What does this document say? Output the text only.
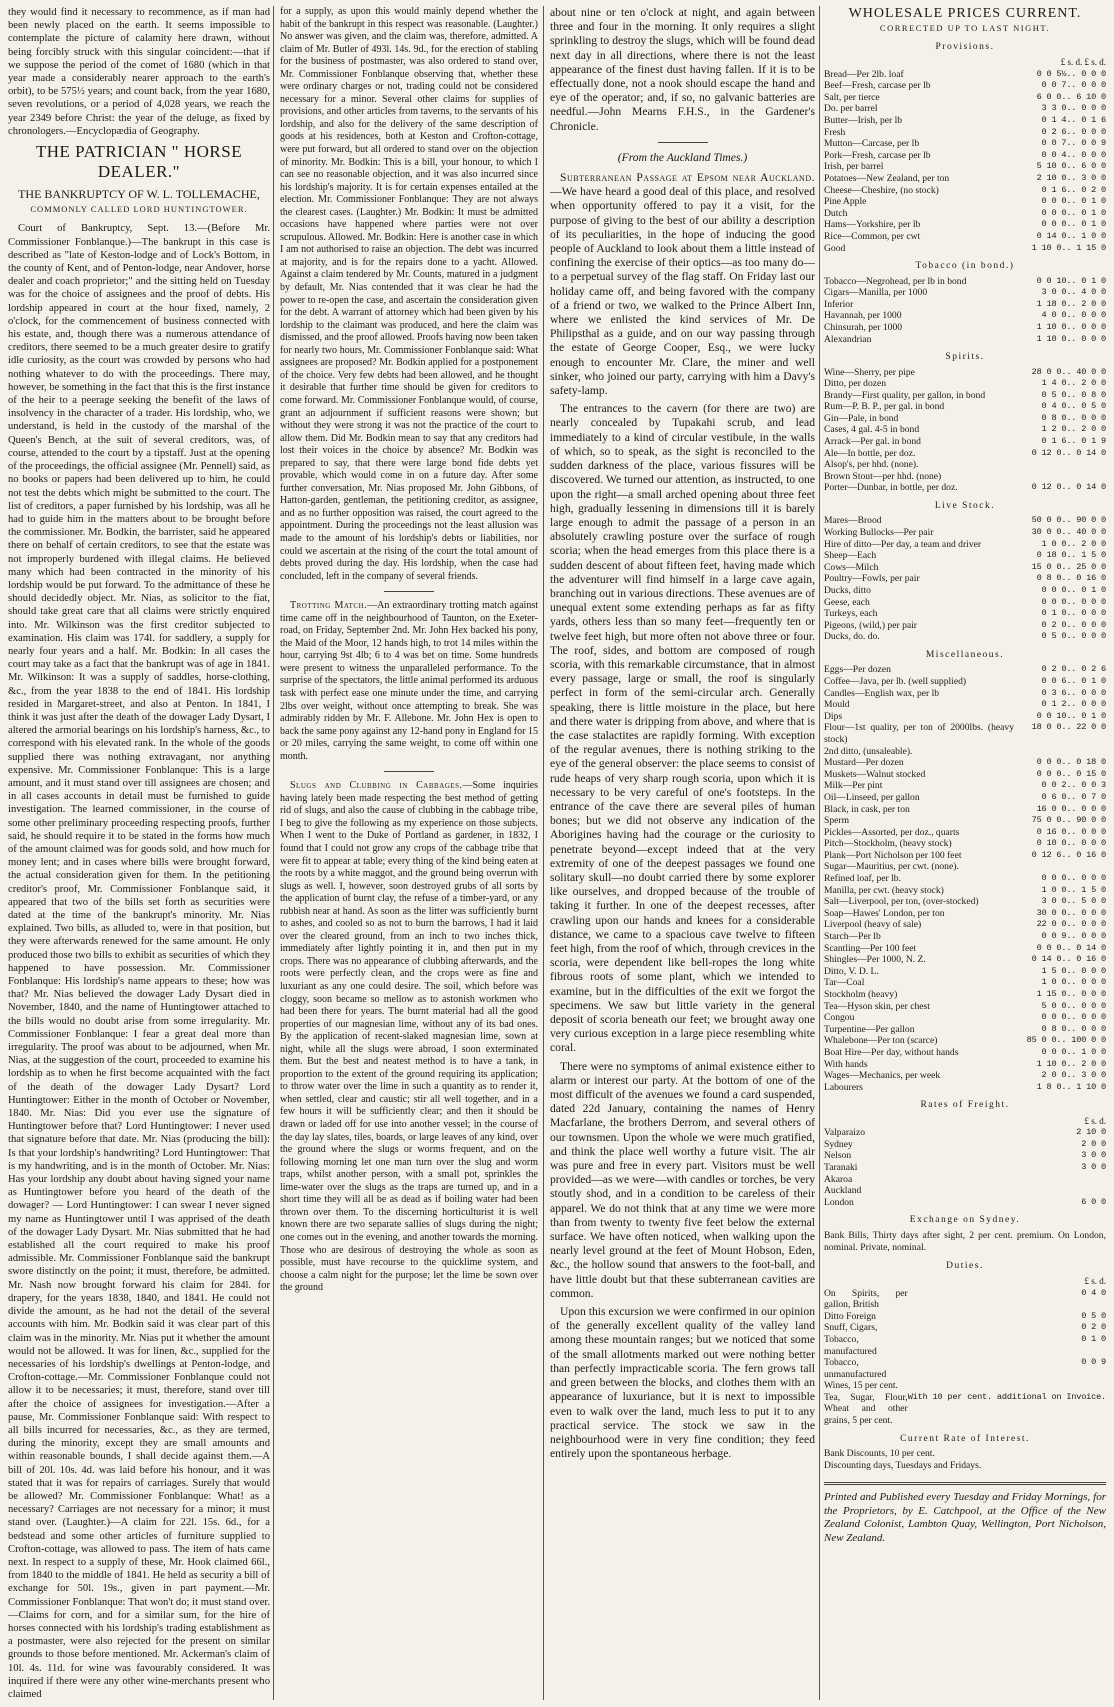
they would find it necessary to recommence, as if man had been newly placed on the earth. It seems impossible to contemplate the picture of calamity here drawn, without being forcibly struck with this singular coincident:—that if we suppose the period of the comet of 1680 (which in that year made a considerably nearer approach to the earth's orbit), to be 575½ years; and count back, from the year 1680, seven revolutions, or a period of 4,028 years, we reach the year 2349 before Christ: the year of the deluge, as fixed by chronologers.—Encyclopædia of Geography.

THE PATRICIAN " HORSE DEALER."
THE BANKRUPTCY OF W. L. TOLLEMACHE,
COMMONLY CALLED LORD HUNTINGTOWER.

Court of Bankruptcy, Sept. 13.—(Before Mr. Commissioner Fonblanque.)—The bankrupt in this case is described as "late of Keston-lodge and of Lock's Bottom, in the county of Kent, and of Penton-lodge, near Andover, horse dealer and coach proprietor;" and the sitting held on Tuesday was for the choice of assignees and the proof of debts. His lordship appeared in court at the hour fixed, namely, 2 o'clock, for the commencement of business connected with his estate, and, though there was a numerous attendance of creditors, there seemed to be a much greater desire to gratify idle curiosity, as the court was crowded by persons who had nothing whatever to do with the proceedings. There may, however, be something in the fact that this is the first instance of the heir to a peerage seeking the benefit of the laws of insolvency in the character of a trader. His lordship, who, we understand, is held in the custody of the marshal of the Queen's Bench, at the suit of several creditors, was, of course, attended to the court by a tipstaff. Just at the opening of the proceedings, the official assignee (Mr. Pennell) said, as no books or papers had been delivered up to him, he could not test the debts which might be submitted to the court. The list of creditors, a paper furnished by his lordship, was all he had to guide him in the matters about to be brought before the commissioner. Mr. Bodkin, the barrister, said he appeared there on behalf of certain creditors, to see that the estate was not improperly burdened with illegal claims. He believed many which had been contracted in the minority of his lordship would be put forward. To the admittance of these he should decidedly object. Mr. Nias, as solicitor to the fiat, should take great care that all claims were strictly enquired into. Mr. Wilkinson was the first creditor subjected to examination. His claim was 174l. for saddlery, a supply for nearly four years and a half. Mr. Bodkin: In all cases the court may take as a fact that the bankrupt was of age in 1841. Mr. Wilkinson: It was a supply of saddles, horse-clothing, &c., from the year 1838 to the end of 1841. His lordship resided in Margaret-street, and also at Penton. In 1841, I think it was just after the death of the dowager Lady Dysart, I altered the armorial bearings on his lordship's harness, &c., to correspond with his elevated rank. In the whole of the goods supplied there was nothing extravagant, nor anything expensive. Mr. Commissioner Fonblanque: This is a large amount, and it must stand over till assignees are chosen; and in all cases accounts in detail must be furnished to guide investigation. The learned commissioner, in the course of some other preliminary proceeding respecting proofs, further said, he should require it to be stated in the forms how much of the amount claimed was for goods sold, and how much for money lent; and in cases where bills were brought forward, the actual consideration given for them. In the petitioning creditor's proof, Mr. Commissioner Fonblanque said, it appeared that two of the bills set forth as securities were dated at the time of the bankrupt's minority. Mr. Nias explained. Two bills, as alluded to, were in that position, but they were afterwards renewed for the same amount. He only produced those two bills to exhibit as securities of which they happened to have possession. Mr. Commissioner Fonblanque: His lordship's name appears to these; how was that? Mr. Nias believed the dowager Lady Dysart died in November, 1840, and the name of Huntingtower attached to the bills would no doubt arise from some irregularity. Mr. Commissioner Fonblanque: I fear a great deal more than irregularity. The proof was about to be adjourned, when Mr. Nias, at the suggestion of the court, proceeded to examine his lordship as to when he first become acquainted with the fact of the death of the dowager Lady Dysart? Lord Huntingtower: Either in the month of October or November, 1840. Mr. Nias: Did you ever use the signature of Huntingtower before that? Lord Huntingtower: I never used that signature before that date. Mr. Nias (producing the bill): Is that your lordship's handwriting? Lord Huntingtower: That is my handwriting, and is in the month of October. Mr. Nias: Has your lordship any doubt about having signed your name as Huntingtower before you heard of the death of the dowager? — Lord Huntingtower: I can swear I never signed my name as Huntingtower until I was apprised of the death of the dowager Lady Dysart. Mr. Nias submitted that he had established all the court required to make his proof admissible. Mr. Commissioner Fonblanque said the bankrupt swore distinctly on the point; it must, therefore, be admitted. Mr. Nash now brought forward his claim for 284l. for drapery, for the years 1838, 1840, and 1841. He could not divide the amount, as he had not the detail of the several accounts with him. Mr. Bodkin said it was clear part of this claim was in the minority. Mr. Nias put it whether the amount would not be allowed. It was for linen, &c., supplied for the necessaries of his lordship's dwellings at Penton-lodge, and Crofton-cottage.—Mr. Commissioner Fonblanque could not allow it to be necessaries; it must, therefore, stand over till after the choice of assignees for investigation.—After a pause, Mr. Commissioner Fonblanque said: With respect to all bills incurred for necessaries, &c., as they are termed, during the minority, except they are small amounts and within reasonable bounds, I shall decide against them.—A bill of 20l. 10s. 4d. was laid before his honour, and it was stated that it was for repairs of carriages. Surely that would be allowed? Mr. Commissioner Fonblanque: What! as a necessary? Carriages are not necessary for a minor; it must stand over. (Laughter.)—A claim for 22l. 15s. 6d., for a bedstead and some other articles of furniture supplied to Crofton-cottage, was allowed to pass. The item of hats came next. In respect to a supply of these, Mr. Hook claimed 66l., from 1840 to the middle of 1841. He held as security a bill of exchange for 50l. 19s., given in part payment.—Mr. Commissioner Fonblanque: That won't do; it must stand over.—Claims for corn, and for a similar sum, for the hire of horses connected with his lordship's trading establishment as a postmaster, were also rejected for the present on similar grounds to those before mentioned. Mr. Ackerman's claim of 10l. 4s. 11d. for wine was favourably considered. It was inquired if there were any other wine-merchants present who claimed

for a supply, as upon this would mainly depend whether the habit of the bankrupt in this respect was reasonable. (Laughter.) No answer was given, and the claim was, therefore, admitted. A claim of Mr. Butler of 493l. 14s. 9d., for the erection of stabling for the business of postmaster, was also ordered to stand over, Mr. Commissioner Fonblanque observing that, whether these were ordinary charges or not, trading could not be considered necessary for a minor. Several other claims for supplies of provisions, and other articles from taverns, to the servants of his lordship, and also for the delivery of the same description of goods at his residences, both at Keston and Crofton-cottage, were put forward, but all ordered to stand over on the objection of minority. Mr. Bodkin: This is a bill, your honour, to which I can see no reasonable objection, and it was also incurred since his lordship's majority. It is for certain expenses entailed at the election. Mr. Commissioner Fonblanque: They are not always the clearest cases. (Laughter.) Mr. Bodkin: It must be admitted occasions have happened where parties were not over scrupulous. Allowed. Mr. Bodkin: Here is another case in which I am not authorised to raise an objection. The debt was incurred at majority, and is for the repairs done to a yacht. Allowed. Against a claim tendered by Mr. Counts, matured in a judgment by default, Mr. Nias contended that it was clear he had the power to re-open the case, and ascertain the consideration given for the debt. A warrant of attorney which had been given by his lordship to the claimant was produced, and here the claim was dismissed, and the proof allowed. Proofs having now been taken for nearly two hours, Mr. Commissioner Fonblanque said: What assignees are proposed? Mr. Bodkin applied for a postponement of the choice. Very few debts had been allowed, and he thought it desirable that further time should be given for creditors to come forward. Mr. Commissioner Fonblanque would, of course, grant an adjournment if sufficient reasons were shown; but without they were strong it was not the practice of the court to allow them. Did Mr. Bodkin mean to say that any creditors had lost their voices in the choice by absence? Mr. Bodkin was prepared to say, that there were large bond fide debts yet provable, which would come in on a future day. After some further conversation, Mr. Nias proposed Mr. John Gibbons, of Hatton-garden, gentleman, the petitioning creditor, as assignee, and as no further opposition was raised, the court agreed to the appointment. During the proceedings not the least allusion was made to the amount of his lordship's debts or liabilities, nor could we ascertain at the rising of the court the total amount of debts proved during the day. His lordship, when the case had concluded, left in the company of several friends.

Trotting Match.—An extraordinary trotting match against time came off in the neighbourhood of Taunton, on the Exeter-road, on Friday, September 2nd. Mr. John Hex backed his pony, the Maid of the Moor, 12 hands high, to trot 14 miles within the hour, carrying 9st 4lb; 6 to 4 was bet on time. Some hundreds were present to witness the unparalleled performance. To the surprise of the spectators, the little animal performed its arduous task with perfect ease one minute under the time, and carrying 2lbs over weight, without once attempting to break. She was admirably ridden by Mr. F. Allebone. Mr. John Hex is open to back the same pony against any 12-hand pony in England for 15 or 20 miles, carrying the same weight, to come off within one month.

Slugs and Clubbing in Cabbages.—Some inquiries having lately been made respecting the best method of getting rid of slugs, and also the cause of clubbing in the cabbage tribe, I beg to give the following as my experience on those subjects. When I went to the Duke of Portland as gardener, in 1832, I found that I could not grow any crops of the cabbage tribe that were fit to appear at table; every thing of the kind being eaten at the roots by a white maggot, and the ground being overrun with slugs as well. I, however, soon destroyed grubs of all sorts by the application of burnt clay, the refuse of a timber-yard, or any rubbish near at hand. As soon as the litter was sufficiently burnt to ashes, and cooled so as not to burn the barrows, I had it laid over the cleared ground, from an inch to two inches thick, immediately after lightly pointing it in, and then put in my crops. There was no appearance of clubbing afterwards, and the roots were perfectly clean, and the crops were as fine and luxuriant as any one could desire. The soil, which before was cloggy, soon became so mellow as to astonish workmen who had been there for years. The burnt material had all the good properties of our magnesian lime, without any of its bad ones. By the application of recent-slaked magnesian lime, sown at night, while all the slugs were abroad, I soon exterminated them. But the best and neatest method is to have a tank, in proportion to the extent of the ground requiring its application; to throw water over the lime in such a quantity as to render it, when settled, clear and caustic; stir all well together, and in a few hours it will be sufficiently clear; and then it should be drawn or laded off for use into another vessel; in the course of the day lay slates, tiles, boards, or large leaves of any kind, over the ground where the slugs or worms frequent, and on the following morning let one man turn over the slug and worm traps, whilst another person, with a small pot, sprinkles the lime-water over the slugs as the traps are turned up, and in a short time they will all be as dead as if boiling water had been thrown over them. To the discerning horticulturist it is well known there are two separate sallies of slugs during the night; one comes out in the evening, and another towards the morning. Those who are desirous of destroying the whole as soon as possible, must have recourse to the quicklime system, and choose a calm night for the purpose; let the lime be sown over the ground

about nine or ten o'clock at night, and again between three and four in the morning. It only requires a slight sprinkling to destroy the slugs, which will be found dead next day in all directions, where there is not the least appearance of the finest dust having fallen. If it is to be effectually done, not a nook should escape the hand and eye of the operator; and, if so, no galvanic batteries are needful.—John Mearns F.H.S., in the Gardener's Chronicle.

(From the Auckland Times.)

Subterranean Passage at Epsom near Auckland.—We have heard a good deal of this place, and resolved when opportunity offered to pay it a visit, for the purpose of giving to the best of our ability a description of its peculiarities, in the hope of inducing the good people of Auckland to look about them a little instead of confining the exercise of their optics—as too many do—to a perpetual survey of the flag staff. On Friday last our holiday came off, and being favored with the company of a friend or two, we walked to the Prince Albert Inn, where we enlisted the kind services of Mr. De Philipsthal as a guide, and on our way passing through the estate of George Cooper, Esq., we were lucky enough to encounter Mr. Clare, the miner and well sinker, who joined our party, carrying with him a Davy's safety-lamp.

The entrances to the cavern (for there are two) are nearly concealed by Tupakahi scrub, and lead immediately to a kind of circular vestibule, in the walls of which, so to speak, as the sight is reconciled to the sudden darkness of the place, various fissures will be discovered. We turned our attention, as instructed, to one upon the right—a small arched opening about three feet high, gradually lessening in dimensions till it is barely large enough to admit the passage of a person in an absolutely crawling posture over the surface of rough scoria; when the head emerges from this place there is a sudden descent of about fifteen feet, having made which the adventurer will find himself in a large cave again, branching out in various directions. These avenues are of unequal extent some extending perhaps as far as fifty yards, others less than so many feet—frequently ten or twelve feet high, but more often not above three or four. The roof, sides, and bottom are composed of rough scoria, with this remarkable circumstance, that in almost every passage, large or small, the roof is singularly perfect in form of the semi-circular arch. Generally speaking, there is little moisture in the place, but here and there water is dripping from above, and where that is the case stalactites are rapidly forming. With exception of the regular avenues, there is nothing striking to the eye of the general observer: the place seems to consist of rude heaps of very sharp rough scoria, upon which it is necessary to be very careful of one's footsteps. In the entrance of the cave there are several piles of human bones; but we did not observe any indication of the Aborigines having had the courage or the curiosity to penetrate beyond—except indeed that at the very extremity of one of the deepest passages we found one solitary skull—no doubt carried there by some explorer like ourselves, and dropped because of the trouble of taking it further. In one of the deepest recesses, after crawling upon our hands and knees for a considerable distance, we came to a spacious cave twelve to fifteen feet high, from the roof of which, through crevices in the scoria, were dependent like bell-ropes the long white fibrous roots of some plant, which we intended to examine, but in the difficulties of the exit we forgot the specimens. We saw but little variety in the general deposit of scoria beneath our feet; we brought away one very curious exception in a large piece resembling white coral.

There were no symptoms of animal existence either to alarm or interest our party. At the bottom of one of the most difficult of the avenues we found a card suspended, dated 22d January, containing the names of Henry Macfarlane, the brothers Derrom, and several others of our townsmen. Upon the whole we were much gratified, and think the place well worthy a future visit. The air was pure and free in every part. Visitors must be well provided—as we were—with candles or torches, be very stoutly shod, and in a condition to be careless of their apparel. We do not think that at any time we were more than from twenty to twenty five feet below the external surface. We have often noticed, when walking upon the nearly level ground at the feet of Mount Hobson, Eden, &c., the hollow sound that answers to the foot-ball, and have little doubt but that these subterranean cavities are common.

Upon this excursion we were confirmed in our opinion of the generally excellent quality of the valley land among these mountain ranges; but we noticed that some of the small allotments marked out were nothing better than perfectly impracticable scoria. The fern grows tall and green between the blocks, and clothes them with an appearance of luxuriance, but it is next to impossible even to walk over the land, much less to put it to any practical service. The stock we saw in the neighbourhood were in very fine condition; they feed entirely upon the spontaneous herbage.

WHOLESALE PRICES CURRENT.
CORRECTED UP TO LAST NIGHT.
Provisions.
£ s. d. £ s. d.
Bread—Per 2lb. loaf	0 0 5½.. 0 0 0
Beef—Fresh, carcase per lb	0 0 7.. 0 0 0
Salt, per tierce	6 0 0.. 6 10 0
Do. per barrel	3 3 0.. 0 0 0
Butter—Irish, per lb	0 1 4.. 0 1 6
Fresh	0 2 6.. 0 0 0
Mutton—Carcase, per lb	0 0 7.. 0 0 9
Pork—Fresh, carcase per lb	0 0 4.. 0 0 0
Irish, per barrel	5 10 0.. 6 0 0
Potatoes—New Zealand, per ton	2 10 0.. 3 0 0
Cheese—Cheshire, (no stock)	0 1 6.. 0 2 0
Pine Apple	0 0 0.. 0 1 0
Dutch	0 0 0.. 0 1 0
Hams—Yorkshire, per lb	0 0 0.. 0 1 0
Rice—Common, per cwt	0 14 0.. 1 0 0
Good	1 10 0.. 1 15 0
Tobacco (in bond.)
Tobacco—Negrohead, per lb in bond	0 0 10.. 0 1 0
Cigars—Manilla, per 1000	3 0 0.. 4 0 0
Inferior	1 18 0.. 2 0 0
Havannah, per 1000	4 0 0.. 0 0 0
Chinsurah, per 1000	1 10 0.. 0 0 0
Alexandrian	1 10 0.. 0 0 0
Spirits.
Wine—Sherry, per pipe	28 0 0.. 40 0 0
Ditto, per dozen	1 4 0.. 2 0 0
Brandy—First quality, per gallon, in bond	0 5 0.. 0 8 0
Rum—P. B. P., per gal. in bond	0 4 0.. 0 5 0
Gin—Pale, in bond	0 8 0.. 0 0 0
Cases, 4 gal. 4-5 in bond	1 2 0.. 2 0 0
Arrack—Per gal. in bond	0 1 6.. 0 1 9
Ale—In bottle, per doz.	0 12 0.. 0 14 0
Alsop's, per hhd. (none).	
Brown Stout—per hhd. (none)	
Porter—Dunbar, in bottle, per doz.	0 12 0.. 0 14 0
Live Stock.
Mares—Brood	50 0 0.. 90 0 0
Working Bullocks—Per pair	30 0 0.. 40 0 0
Hire of ditto—Per day, a team and driver	1 0 0.. 2 0 0
Sheep—Each	0 18 0.. 1 5 0
Cows—Milch	15 0 0.. 25 0 0
Poultry—Fowls, per pair	0 8 0.. 0 16 0
Ducks, ditto	0 0 0.. 0 1 0
Geese, each	0 0 0.. 0 0 0
Turkeys, each	0 1 0.. 0 0 0
Pigeons, (wild,) per pair	0 2 0.. 0 0 0
Ducks, do. do.	0 5 0.. 0 0 0
Miscellaneous.
Eggs—Per dozen	0 2 0.. 0 2 6
Coffee—Java, per lb. (well supplied)	0 0 6.. 0 1 0
Candles—English wax, per lb	0 3 6.. 0 0 0
Mould	0 1 2.. 0 0 0
Dips	0 0 10.. 0 1 0
Flour—1st quality, per ton of 2000lbs. (heavy stock)	18 0 0.. 22 0 0
2nd ditto, (unsaleable).	
Mustard—Per dozen	0 0 0.. 0 18 0
Muskets—Walnut stocked	0 0 0.. 0 15 0
Milk—Per pint	0 0 2.. 0 0 3
Oil—Linseed, per gallon	0 6 0.. 0 7 0
Black, in cask, per ton	16 0 0.. 0 0 0
Sperm	75 0 0.. 90 0 0
Pickles—Assorted, per doz., quarts	0 16 0.. 0 0 0
Pitch—Stockholm, (heavy stock)	0 10 0.. 0 0 0
Plank—Port Nicholson per 100 feet	0 12 6.. 0 16 0
Sugar—Mauritius, per cwt. (none).	
Refined loaf, per lb.	0 0 0.. 0 0 0
Manilla, per cwt. (heavy stock)	1 0 0.. 1 5 0
Salt—Liverpool, per ton, (over-stocked)	3 0 0.. 5 0 0
Soap—Hawes' London, per ton	30 0 0.. 0 0 0
Liverpool (heavy of sale)	22 0 0.. 0 0 0
Starch—Per lb	0 0 9.. 0 0 0
Scantling—Per 100 feet	0 0 0.. 0 14 0
Shingles—Per 1000, N. Z.	0 14 0.. 0 16 0
Ditto, V. D. L.	1 5 0.. 0 0 0
Tar—Coal	1 0 0.. 0 0 0
Stockholm (heavy)	1 15 0.. 0 0 0
Tea—Hyson skin, per chest	5 0 0.. 0 0 0
Congou	0 0 0.. 0 0 0
Turpentine—Per gallon	0 8 0.. 0 0 0
Whalebone—Per ton (scarce)	85 0 0.. 100 0 0
Boat Hire—Per day, without hands	0 0 0.. 1 0 0
With hands	1 10 0.. 2 0 0
Wages—Mechanics, per week	2 0 0.. 3 0 0
Labourers	1 8 0.. 1 10 0
Rates of Freight.
£ s. d.
Valparaizo	2 10 0
Sydney	2 0 0
Nelson	3 0 0
Taranaki	3 0 0
Akaroa	
Auckland	
London	6 0 0
Exchange on Sydney.
Bank Bills, Thirty days after sight, 2 per cent. premium. On London, nominal. Private, nominal.
Duties.
£ s. d.
On Spirits, per gallon, British	0 4 0
Ditto Foreign	0 5 0
Snuff, Cigars,	0 2 0
Tobacco, manufactured	0 1 0
Tobacco, unmanufactured	0 0 9
Wines, 15 per cent.	
Tea, Sugar, Flour, Wheat and other grains, 5 per cent.	With 10 per cent. additional on Invoice.
Current Rate of Interest.
Bank Discounts, 10 per cent.
Discounting days, Tuesdays and Fridays.
Printed and Published every Tuesday and Friday Mornings, for the Proprietors, by E. Catchpool, at the Office of the New Zealand Colonist, Lambton Quay, Wellington, Port Nicholson, New Zealand.
